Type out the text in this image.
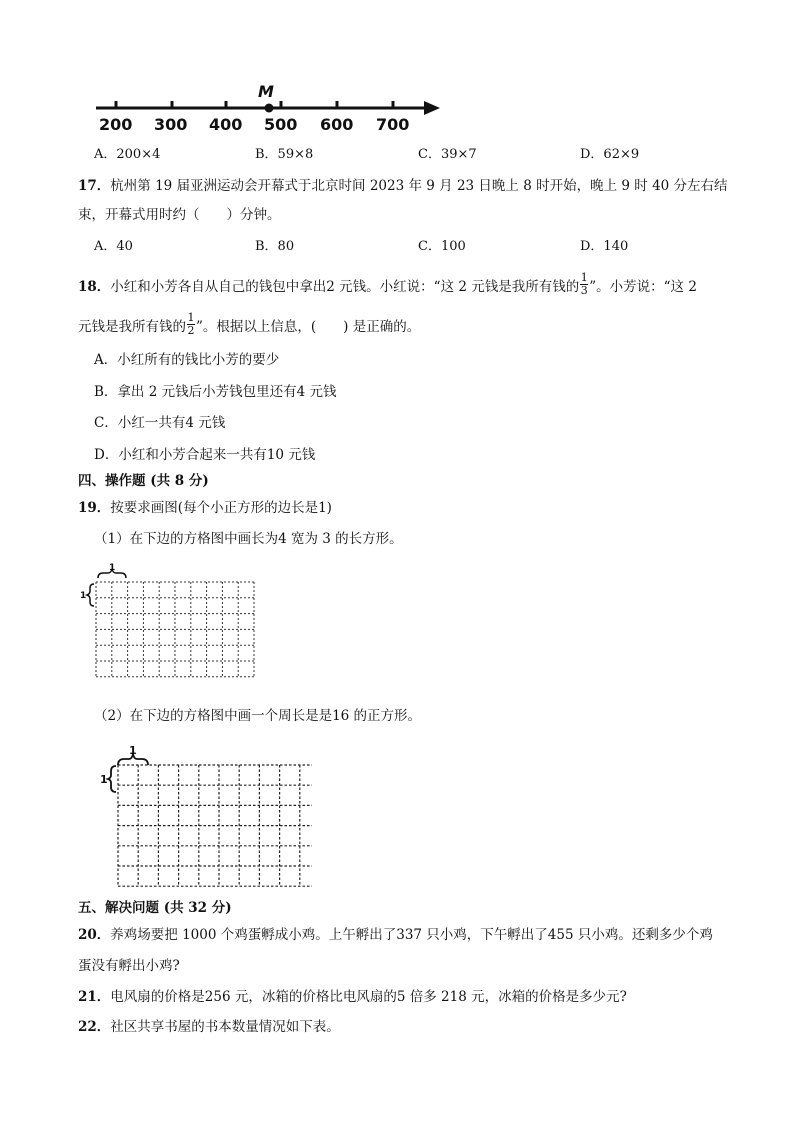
M
200 300 400 500 600 700
A．200×4	B．59×8	C．39×7	D．62×9
17．杭州第 19 届亚洲运动会开幕式于北京时间 2023 年 9 月 23 日晚上 8 时开始，晚上 9 时 40 分左右结
束，开幕式用时约（　　）分钟。
A．40	B．80	C．100	D．140
18．小红和小芳各自从自己的钱包中拿出2 元钱。小红说：“这 2 元钱是我所有钱的 $\frac{1}{3}$ ”。小芳说：“这 2
元钱是我所有钱的 $\frac{1}{2}$ ”。根据以上信息，(　　) 是正确的。
A．小红所有的钱比小芳的要少
B．拿出 2 元钱后小芳钱包里还有4 元钱
C．小红一共有4 元钱
D．小红和小芳合起来一共有10 元钱
四、操作题 (共 8 分)
19．按要求画图(每个小正方形的边长是1)
（1）在下边的方格图中画长为4 宽为 3 的长方形。
1
1
（2）在下边的方格图中画一个周长是是16 的正方形。
1
1
五、解决问题 (共 32 分)
20．养鸡场要把 1000 个鸡蛋孵成小鸡。上午孵出了337 只小鸡，下午孵出了455 只小鸡。还剩多少个鸡
蛋没有孵出小鸡?
21．电风扇的价格是256 元，冰箱的价格比电风扇的5 倍多 218 元，冰箱的价格是多少元?
22．社区共享书屋的书本数量情况如下表。
